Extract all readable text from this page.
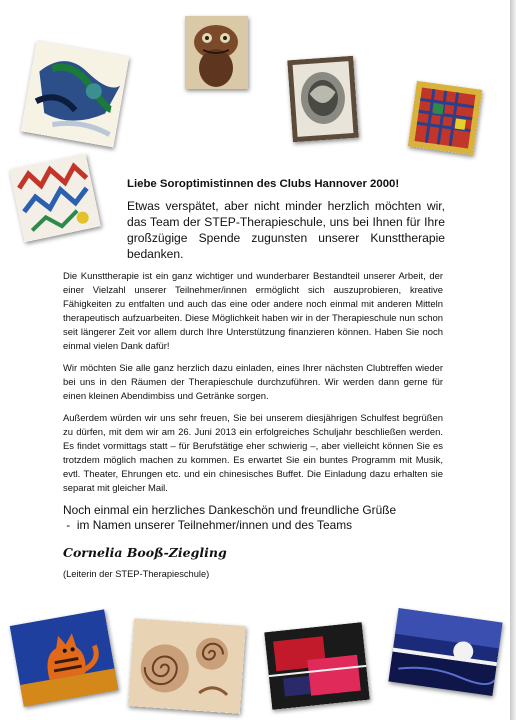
Liebe Soroptimistinnen des Clubs Hannover 2000!
Etwas verspätet, aber nicht minder herzlich möchten wir, das Team der STEP-Therapieschule, uns bei Ihnen für Ihre großzügige Spende zugunsten unserer Kunsttherapie bedanken.
Die Kunsttherapie ist ein ganz wichtiger und wunderbarer Bestandteil unserer Arbeit, der einer Vielzahl unserer Teilnehmer/innen ermöglicht sich auszuprobieren, kreative Fähigkeiten zu entfalten und auch das eine oder andere noch einmal mit anderen Mitteln therapeutisch aufzuarbeiten. Diese Möglichkeit haben wir in der Therapieschule nun schon seit längerer Zeit vor allem durch Ihre Unterstützung finanzieren können. Haben Sie noch einmal vielen Dank dafür!
Wir möchten Sie alle ganz herzlich dazu einladen, eines Ihrer nächsten Clubtreffen wieder bei uns in den Räumen der Therapieschule durchzuführen. Wir werden dann gerne für einen kleinen Abendimbiss und Getränke sorgen.
Außerdem würden wir uns sehr freuen, Sie bei unserem diesjährigen Schulfest begrüßen zu dürfen, mit dem wir am 26. Juni 2013 ein erfolgreiches Schuljahr beschließen werden. Es findet vormittags statt – für Berufstätige eher schwierig –, aber vielleicht können Sie es trotzdem möglich machen zu kommen. Es erwartet Sie ein buntes Programm mit Musik, evtl. Theater, Ehrungen etc. und ein chinesisches Buffet. Die Einladung dazu erhalten sie separat mit gleicher Mail.
Noch einmal ein herzliches Dankeschön und freundliche Grüße
-  im Namen unserer Teilnehmer/innen und des Teams
Cornelia Booß-Ziegling
(Leiterin der STEP-Therapieschule)
